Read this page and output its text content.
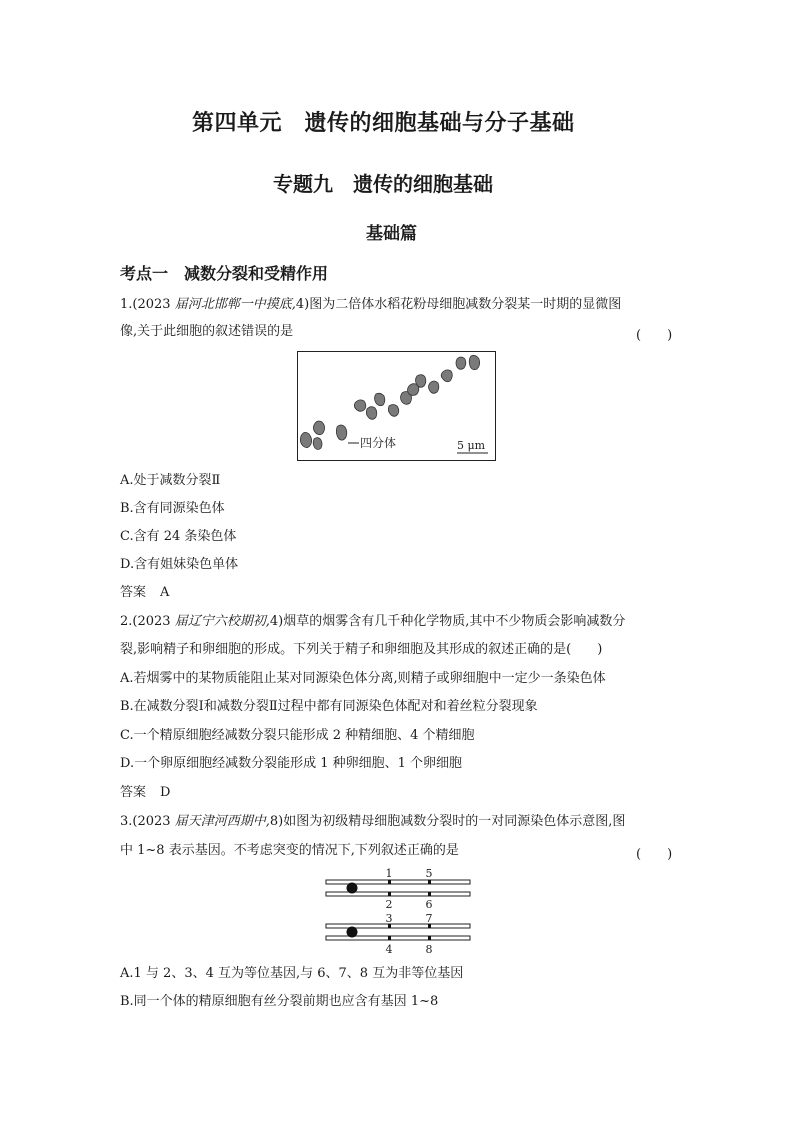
第四单元　遗传的细胞基础与分子基础
专题九　遗传的细胞基础
基础篇
考点一　减数分裂和受精作用
1.(2023 届河北邯郸一中摸底,4)图为二倍体水稻花粉母细胞减数分裂某一时期的显微图
像,关于此细胞的叙述错误的是	(　　)
四分体	5 μm
A.处于减数分裂Ⅱ
B.含有同源染色体
C.含有 24 条染色体
D.含有姐妹染色单体
答案 A
2.(2023 届辽宁六校期初,4)烟草的烟雾含有几千种化学物质,其中不少物质会影响减数分
裂,影响精子和卵细胞的形成。下列关于精子和卵细胞及其形成的叙述正确的是(　　)
A.若烟雾中的某物质能阻止某对同源染色体分离,则精子或卵细胞中一定少一条染色体
B.在减数分裂Ⅰ和减数分裂Ⅱ过程中都有同源染色体配对和着丝粒分裂现象
C.一个精原细胞经减数分裂只能形成 2 种精细胞、4 个精细胞
D.一个卵原细胞经减数分裂能形成 1 种卵细胞、1 个卵细胞
答案 D
3.(2023 届天津河西期中,8)如图为初级精母细胞减数分裂时的一对同源染色体示意图,图
中 1~8 表示基因。不考虑突变的情况下,下列叙述正确的是	(　　)
1	5
2	6
3	7
4	8
A.1 与 2、3、4 互为等位基因,与 6、7、8 互为非等位基因
B.同一个体的精原细胞有丝分裂前期也应含有基因 1~8
